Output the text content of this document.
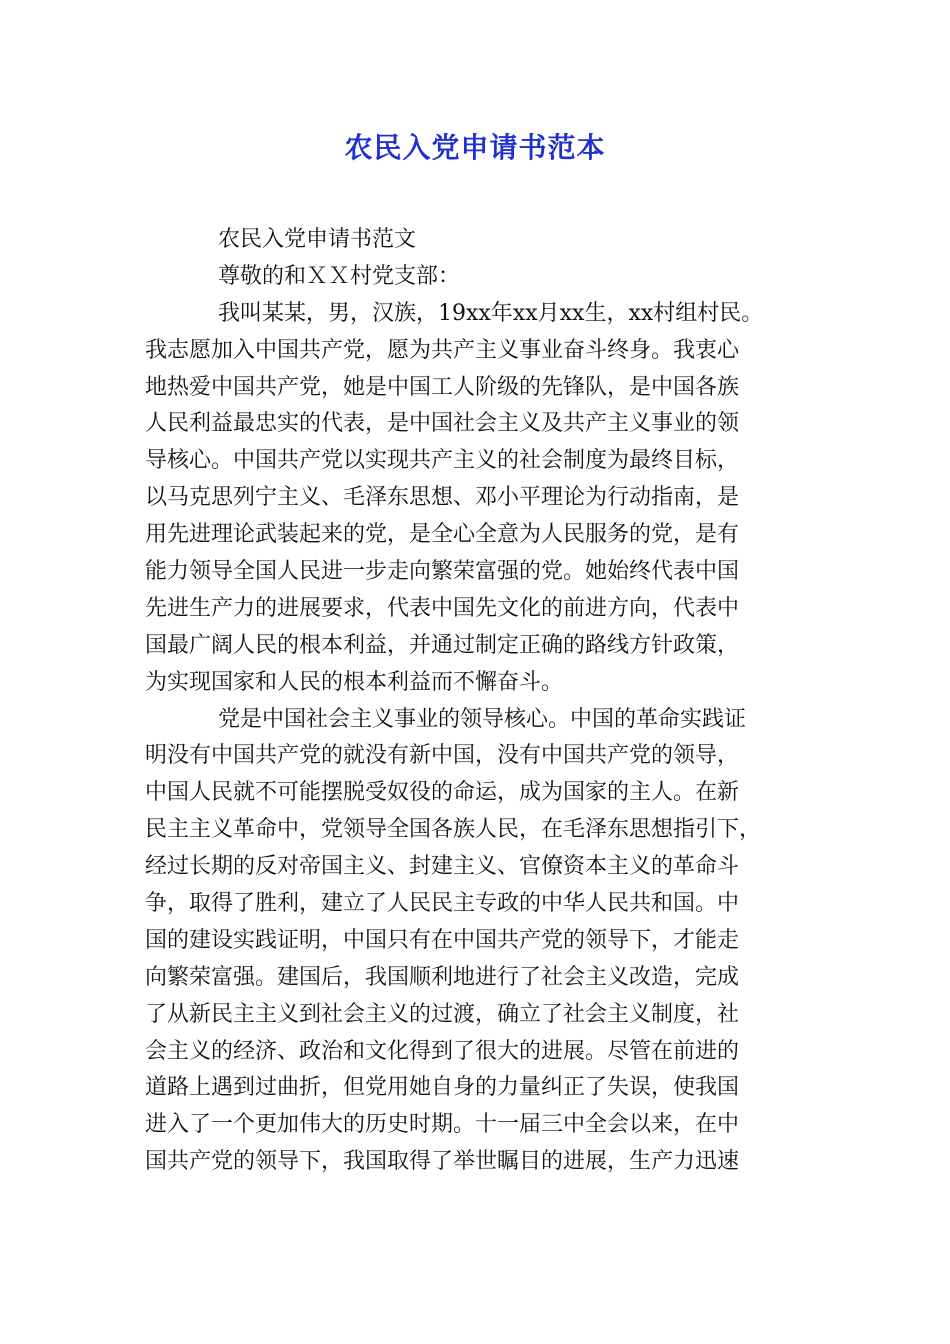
农民入党申请书范本
农民入党申请书范文
尊敬的和ＸＸ村党支部：
我叫某某，男，汉族，19xx年xx月xx生，xx村组村民。
我志愿加入中国共产党，愿为共产主义事业奋斗终身。我衷心
地热爱中国共产党，她是中国工人阶级的先锋队，是中国各族
人民利益最忠实的代表，是中国社会主义及共产主义事业的领
导核心。中国共产党以实现共产主义的社会制度为最终目标，
以马克思列宁主义、毛泽东思想、邓小平理论为行动指南，是
用先进理论武装起来的党，是全心全意为人民服务的党，是有
能力领导全国人民进一步走向繁荣富强的党。她始终代表中国
先进生产力的进展要求，代表中国先文化的前进方向，代表中
国最广阔人民的根本利益，并通过制定正确的路线方针政策，
为实现国家和人民的根本利益而不懈奋斗。
党是中国社会主义事业的领导核心。中国的革命实践证
明没有中国共产党的就没有新中国，没有中国共产党的领导，
中国人民就不可能摆脱受奴役的命运，成为国家的主人。在新
民主主义革命中，党领导全国各族人民，在毛泽东思想指引下，
经过长期的反对帝国主义、封建主义、官僚资本主义的革命斗
争，取得了胜利，建立了人民民主专政的中华人民共和国。中
国的建设实践证明，中国只有在中国共产党的领导下，才能走
向繁荣富强。建国后，我国顺利地进行了社会主义改造，完成
了从新民主主义到社会主义的过渡，确立了社会主义制度，社
会主义的经济、政治和文化得到了很大的进展。尽管在前进的
道路上遇到过曲折，但党用她自身的力量纠正了失误，使我国
进入了一个更加伟大的历史时期。十一届三中全会以来，在中
国共产党的领导下，我国取得了举世瞩目的进展，生产力迅速
